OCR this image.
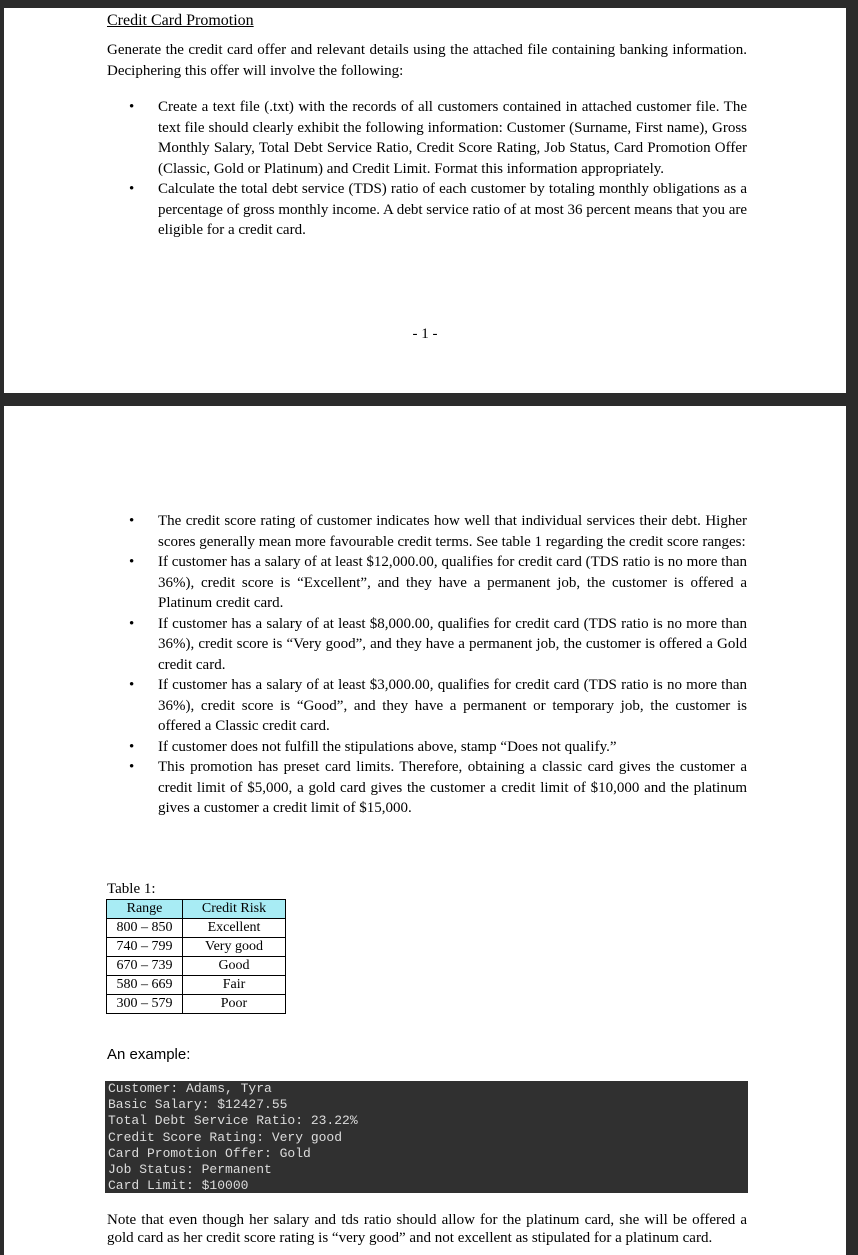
Credit Card Promotion

Generate the credit card offer and relevant details using the attached file containing banking information. Deciphering this offer will involve the following:

• Create a text file (.txt) with the records of all customers contained in attached customer file. The text file should clearly exhibit the following information: Customer (Surname, First name), Gross Monthly Salary, Total Debt Service Ratio, Credit Score Rating, Job Status, Card Promotion Offer (Classic, Gold or Platinum) and Credit Limit. Format this information appropriately.
• Calculate the total debt service (TDS) ratio of each customer by totaling monthly obligations as a percentage of gross monthly income. A debt service ratio of at most 36 percent means that you are eligible for a credit card.
- 1 -
• The credit score rating of customer indicates how well that individual services their debt. Higher scores generally mean more favourable credit terms. See table 1 regarding the credit score ranges:
• If customer has a salary of at least $12,000.00, qualifies for credit card (TDS ratio is no more than 36%), credit score is “Excellent”, and they have a permanent job, the customer is offered a Platinum credit card.
• If customer has a salary of at least $8,000.00, qualifies for credit card (TDS ratio is no more than 36%), credit score is “Very good”, and they have a permanent job, the customer is offered a Gold credit card.
• If customer has a salary of at least $3,000.00, qualifies for credit card (TDS ratio is no more than 36%), credit score is “Good”, and they have a permanent or temporary job, the customer is offered a Classic credit card.
• If customer does not fulfill the stipulations above, stamp “Does not qualify.”
• This promotion has preset card limits. Therefore, obtaining a classic card gives the customer a credit limit of $5,000, a gold card gives the customer a credit limit of $10,000 and the platinum gives a customer a credit limit of $15,000.
Table 1:
Range	Credit Risk
800 – 850	Excellent
740 – 799	Very good
670 – 739	Good
580 – 669	Fair
300 – 579	Poor
An example:
Customer: Adams, Tyra
Basic Salary: $12427.55
Total Debt Service Ratio: 23.22%
Credit Score Rating: Very good
Card Promotion Offer: Gold
Job Status: Permanent
Card Limit: $10000

Note that even though her salary and tds ratio should allow for the platinum card, she will be offered a gold card as her credit score rating is “very good” and not excellent as stipulated for a platinum card.
